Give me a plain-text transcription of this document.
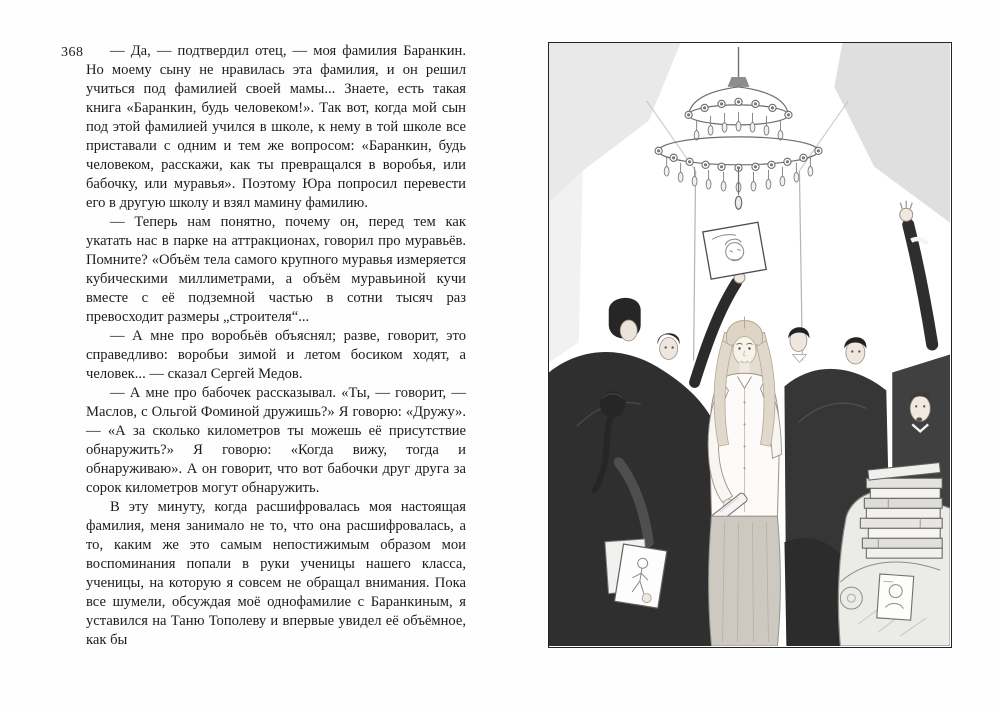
368	— Да, — подтвердил отец, — моя фамилия Баранкин. Но моему сыну не нравилась эта фамилия, и он решил учиться под фамилией своей мамы... Знаете, есть такая книга «Баранкин, будь человеком!». Так вот, когда мой сын под этой фамилией учился в школе, к нему в той школе все приставали с одним и тем же вопросом: «Баранкин, будь человеком, расскажи, как ты превращался в воробья, или бабочку, или муравья». Поэтому Юра попросил перевести его в другую школу и взял мамину фамилию.

— Теперь нам понятно, почему он, перед тем как укатать нас в парке на аттракционах, говорил про муравьёв. Помните? «Объём тела самого крупного муравья измеряется кубическими миллиметрами, а объём муравьиной кучи вместе с её подземной частью в сотни тысяч раз превосходит размеры „строителя“...

— А мне про воробьёв объяснял; разве, говорит, это справедливо: воробьи зимой и летом босиком ходят, а человек... — сказал Сергей Медов.

— А мне про бабочек рассказывал. «Ты, — говорит, — Маслов, с Ольгой Фоминой дружишь?» Я говорю: «Дружу». — «А за сколько километров ты можешь её присутствие обнаружить?» Я говорю: «Когда вижу, тогда и обнаруживаю». А он говорит, что вот бабочки друг друга за сорок километров могут обнаружить.

В эту минуту, когда расшифровалась моя настоящая фамилия, меня занимало не то, что она расшифровалась, а то, каким же это самым непостижимым образом мои воспоминания попали в руки ученицы нашего класса, ученицы, на которую я совсем не обращал внимания. Пока все шумели, обсуждая моё однофамилие с Баранкиным, я уставился на Таню Тополеву и впервые увидел её объёмное, как бы
